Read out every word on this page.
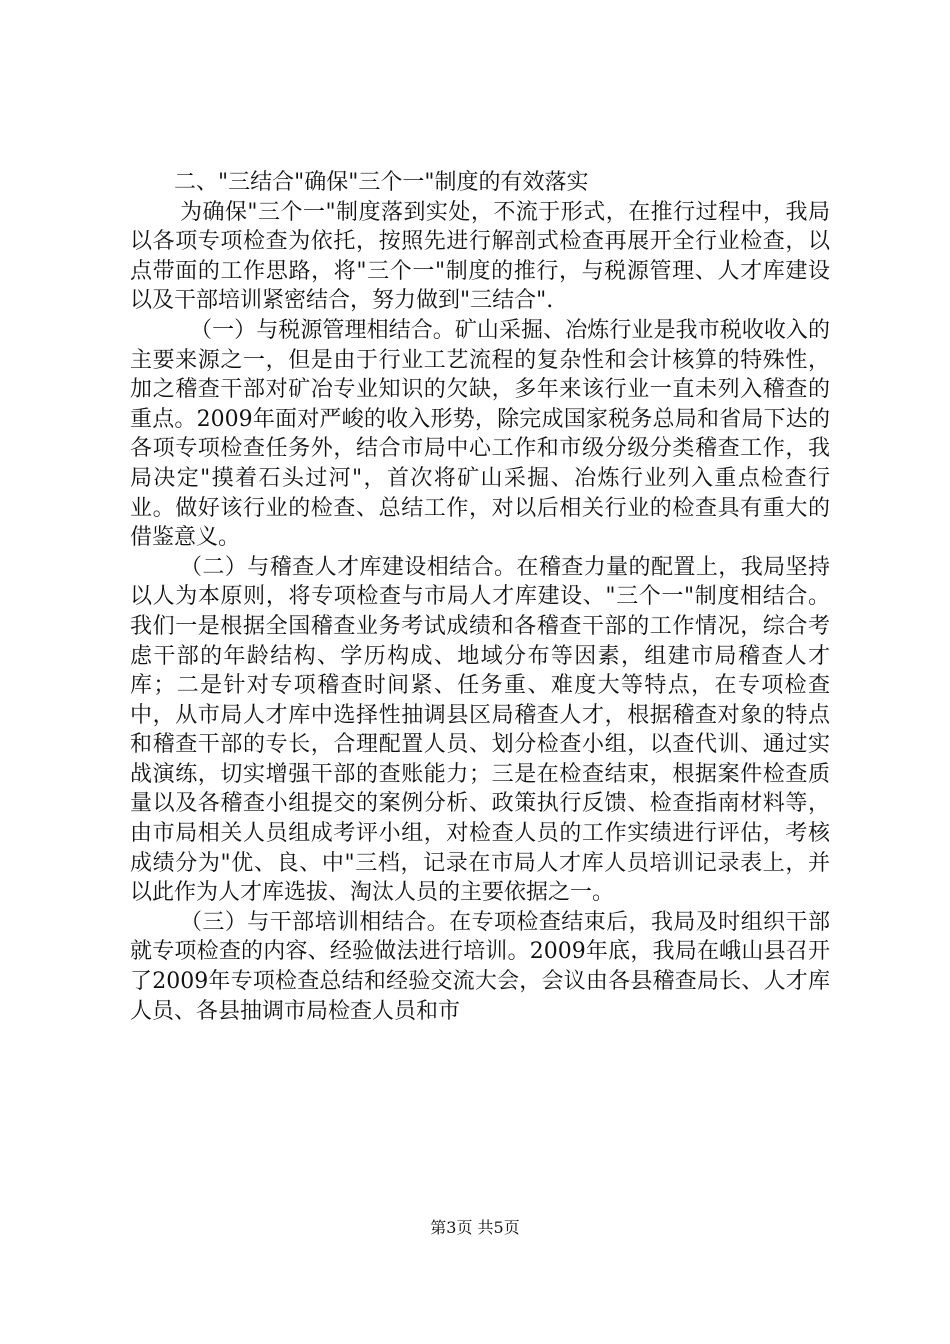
二、"三结合"确保"三个一"制度的有效落实

为确保"三个一"制度落到实处，不流于形式，在推行过程中，我局以各项专项检查为依托，按照先进行解剖式检查再展开全行业检查，以点带面的工作思路，将"三个一"制度的推行，与税源管理、人才库建设以及干部培训紧密结合，努力做到"三结合".

（一）与税源管理相结合。矿山采掘、冶炼行业是我市税收收入的主要来源之一，但是由于行业工艺流程的复杂性和会计核算的特殊性，加之稽查干部对矿冶专业知识的欠缺，多年来该行业一直未列入稽查的重点。2009年面对严峻的收入形势，除完成国家税务总局和省局下达的各项专项检查任务外，结合市局中心工作和市级分级分类稽查工作，我局决定"摸着石头过河"，首次将矿山采掘、冶炼行业列入重点检查行业。做好该行业的检查、总结工作，对以后相关行业的检查具有重大的借鉴意义。

（二）与稽查人才库建设相结合。在稽查力量的配置上，我局坚持以人为本原则，将专项检查与市局人才库建设、"三个一"制度相结合。我们一是根据全国稽查业务考试成绩和各稽查干部的工作情况，综合考虑干部的年龄结构、学历构成、地域分布等因素，组建市局稽查人才库；二是针对专项稽查时间紧、任务重、难度大等特点，在专项检查中，从市局人才库中选择性抽调县区局稽查人才，根据稽查对象的特点和稽查干部的专长，合理配置人员、划分检查小组，以查代训、通过实战演练，切实增强干部的查账能力；三是在检查结束，根据案件检查质量以及各稽查小组提交的案例分析、政策执行反馈、检查指南材料等，由市局相关人员组成考评小组，对检查人员的工作实绩进行评估，考核成绩分为"优、良、中"三档，记录在市局人才库人员培训记录表上，并以此作为人才库选拔、淘汰人员的主要依据之一。

（三）与干部培训相结合。在专项检查结束后，我局及时组织干部就专项检查的内容、经验做法进行培训。2009年底，我局在峨山县召开了2009年专项检查总结和经验交流大会，会议由各县稽查局长、人才库人员、各县抽调市局检查人员和市

第3页 共5页
